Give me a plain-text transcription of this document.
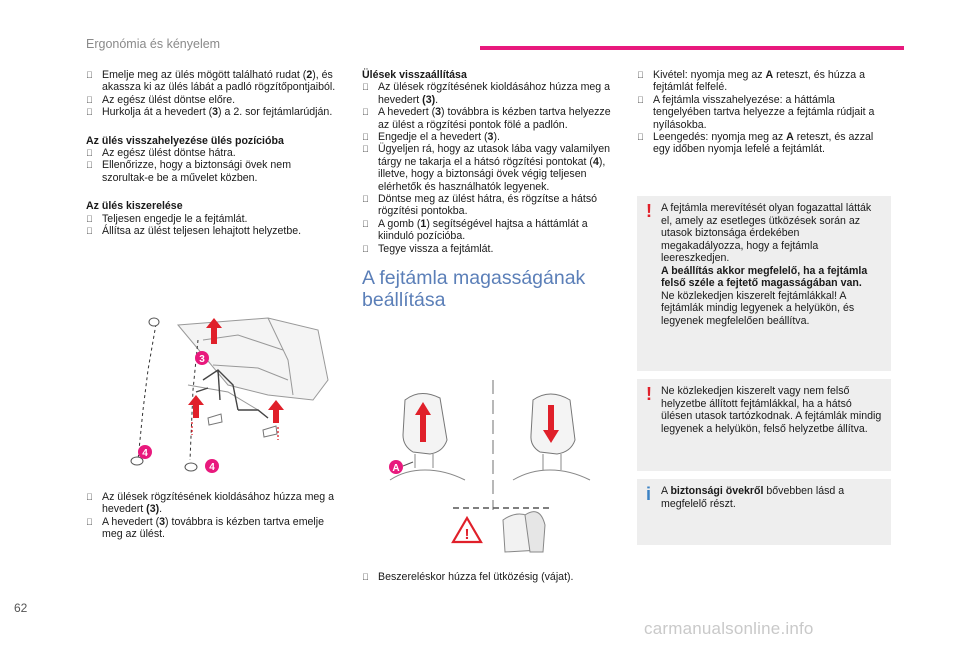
Ergonómia és kényelem
Emelje meg az ülés mögött található rudat (2), és akassza ki az ülés lábát a padló rögzítőpontjaiból.
Az egész ülést döntse előre.
Hurkolja át a hevedert (3) a 2. sor fejtámlarúdján.

Az ülés visszahelyezése ülés pozícióba

Az egész ülést döntse hátra.
Ellenőrizze, hogy a biztonsági övek nem szorultak-e be a művelet közben.

Az ülés kiszerelése

Teljesen engedje le a fejtámlát.
Állítsa az ülést teljesen lehajtott helyzetbe.
3
4
4
Az ülések rögzítésének kioldásához húzza meg a hevedert (3).
A hevedert (3) továbbra is kézben tartva emelje meg az ülést.

Ülések visszaállítása

Az ülések rögzítésének kioldásához húzza meg a hevedert (3).
A hevedert (3) továbbra is kézben tartva helyezze az ülést a rögzítési pontok fölé a padlón.
Engedje el a hevedert (3).
Ügyeljen rá, hogy az utasok lába vagy valamilyen tárgy ne takarja el a hátsó rögzítési pontokat (4), illetve, hogy a biztonsági övek végig teljesen elérhetők és használhatók legyenek.
Döntse meg az ülést hátra, és rögzítse a hátsó rögzítési pontokba.
A gomb (1) segítségével hajtsa a háttámlát a kiinduló pozícióba.
Tegye vissza a fejtámlát.
A fejtámla magasságának beállítása
A
!
Beszereléskor húzza fel ütközésig (vájat).
Kivétel: nyomja meg az A reteszt, és húzza a fejtámlát felfelé.
A fejtámla visszahelyezése: a háttámla tengelyében tartva helyezze a fejtámla rúdjait a nyílásokba.
Leengedés: nyomja meg az A reteszt, és azzal egy időben nyomja lefelé a fejtámlát.
! A fejtámla merevítését olyan fogazattal látták el, amely az esetleges ütközések során az utasok biztonsága érdekében megakadályozza, hogy a fejtámla leereszkedjen.

A beállítás akkor megfelelő, ha a fejtámla felső széle a fejtető magasságában van.

Ne közlekedjen kiszerelt fejtámlákkal! A fejtámlák mindig legyenek a helyükön, és legyenek megfelelően beállítva.

! Ne közlekedjen kiszerelt vagy nem felső helyzetbe állított fejtámlákkal, ha a hátsó ülésen utasok tartózkodnak. A fejtámlák mindig legyenek a helyükön, felső helyzetbe állítva.

i A biztonsági övekről bővebben lásd a megfelelő részt.

62
carmanualsonline.info
